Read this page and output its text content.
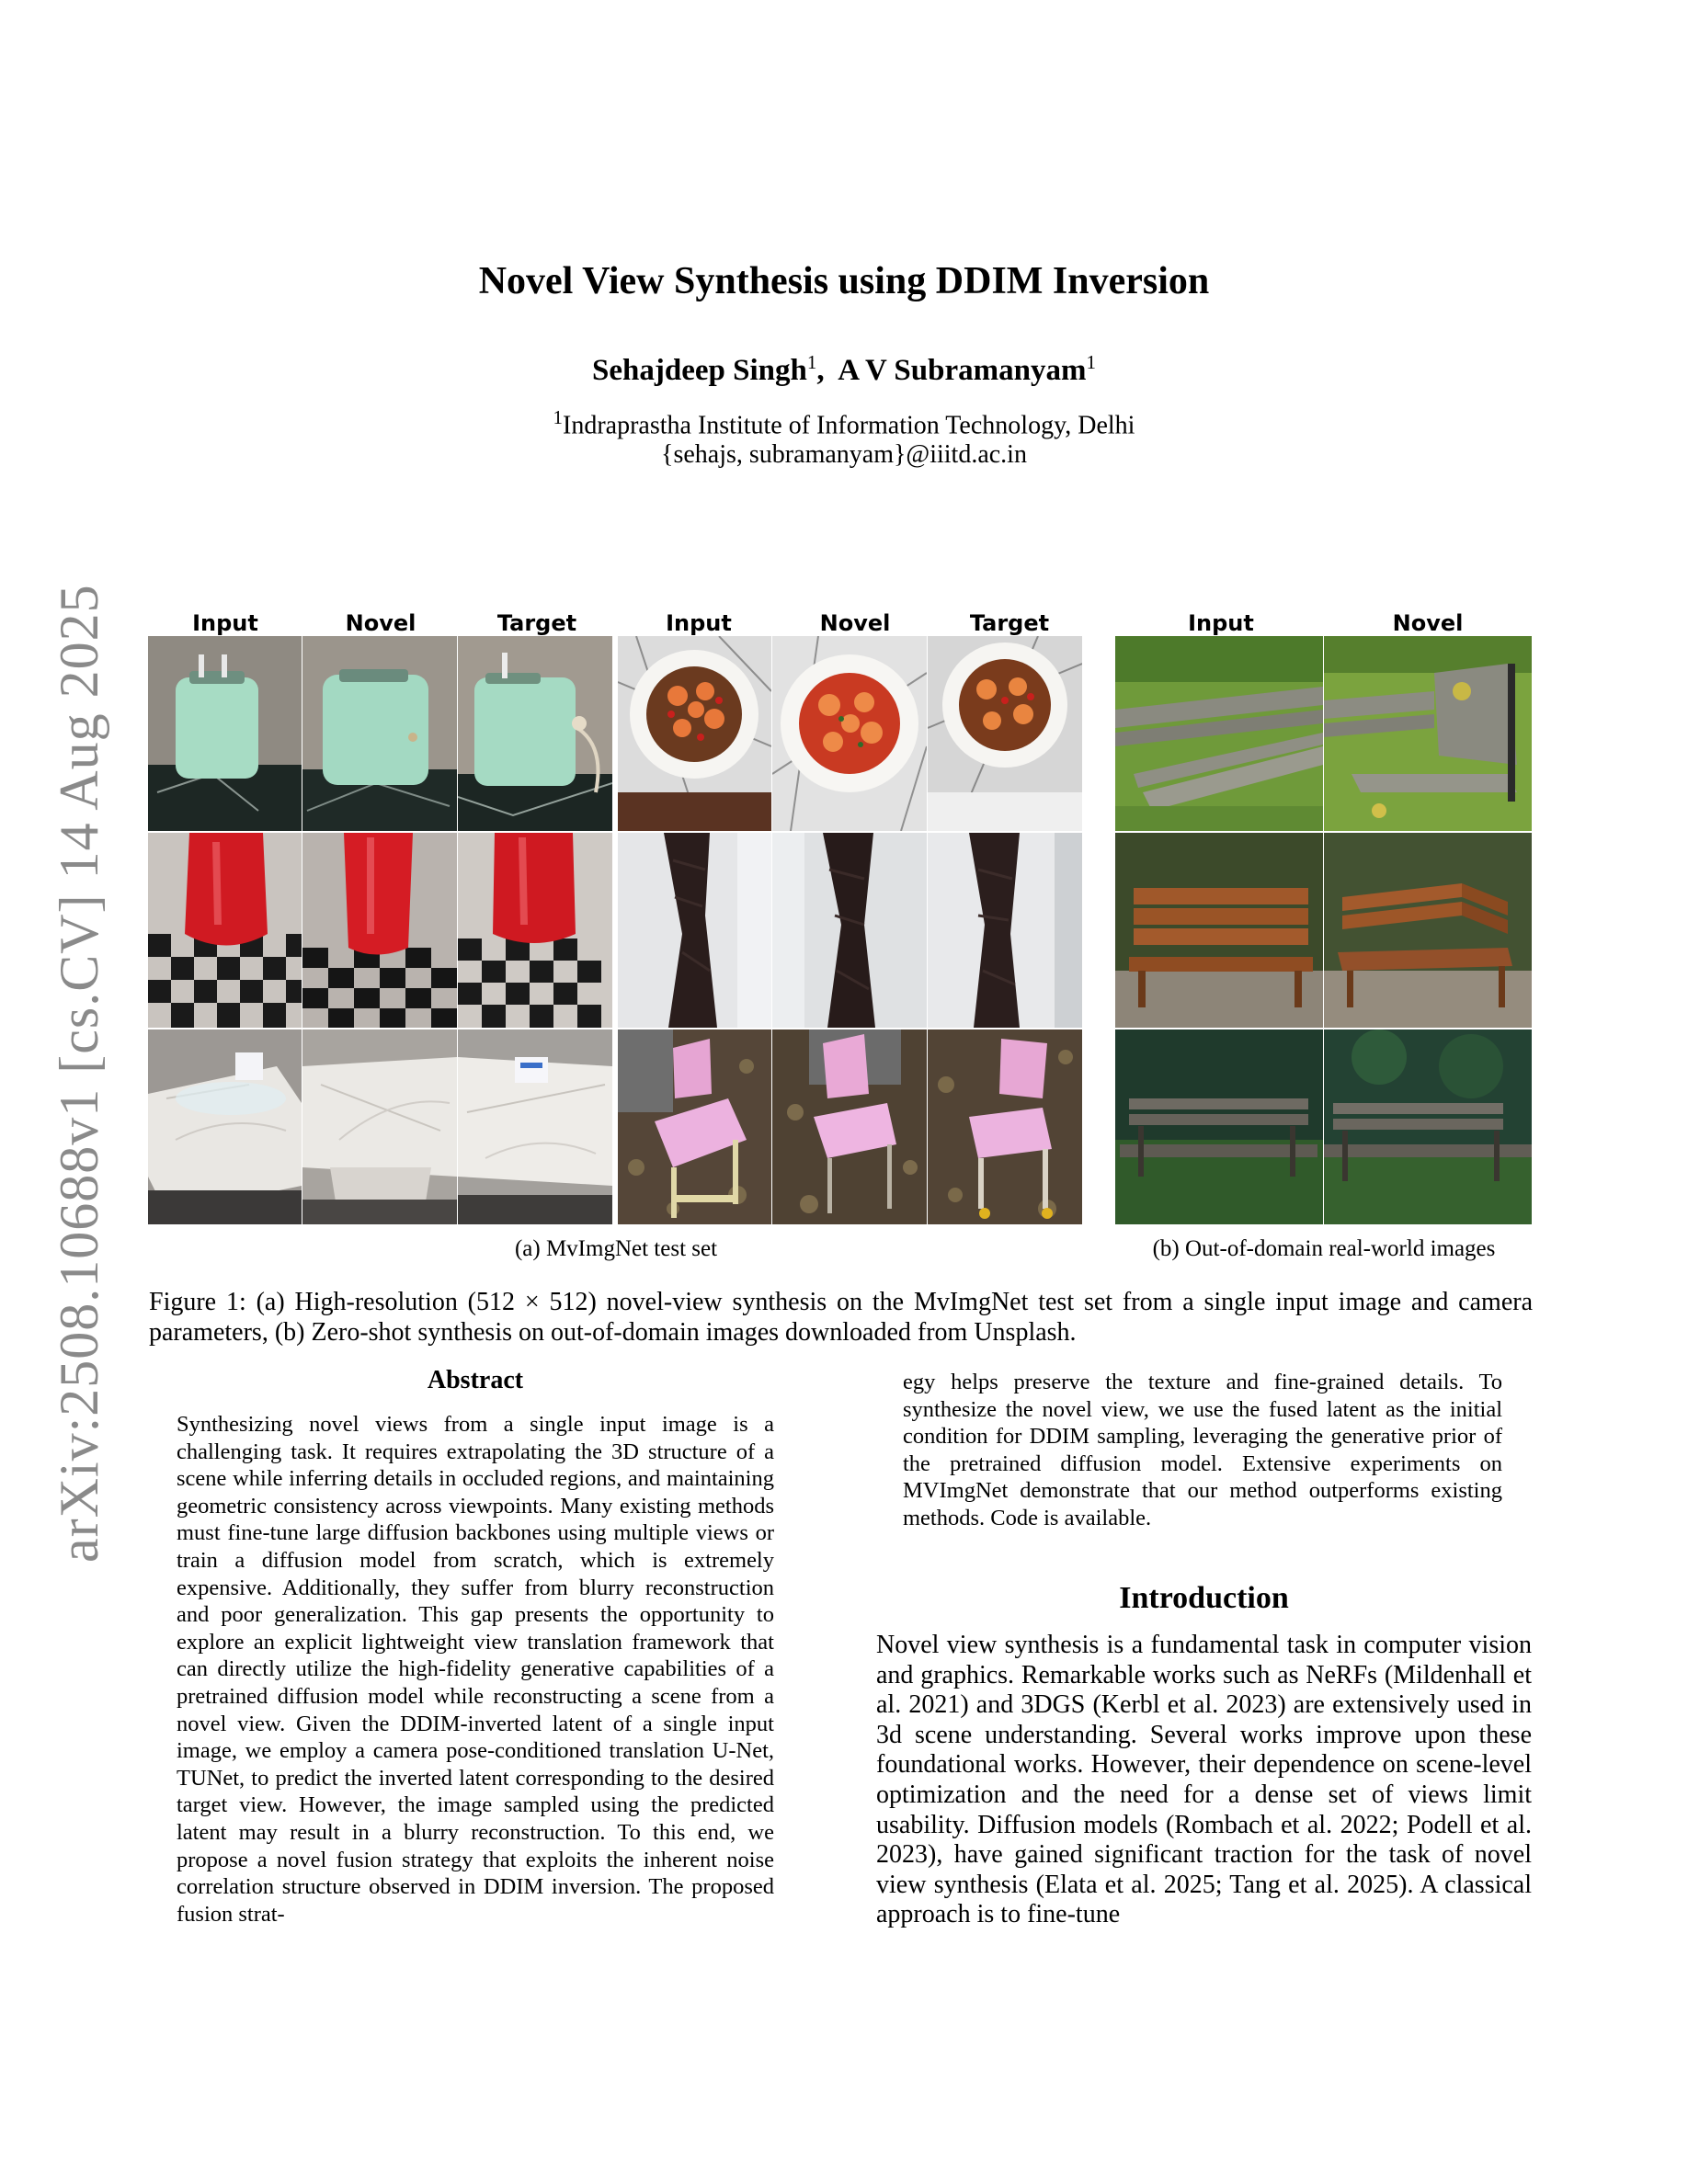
arXiv:2508.10688v1 [cs.CV] 14 Aug 2025
Novel View Synthesis using DDIM Inversion
Sehajdeep Singh$^1$,  A V Subramanyam$^1$
$^1$Indraprastha Institute of Information Technology, Delhi
{sehajs, subramanyam}@iiitd.ac.in
Input	Novel	Target	Input	Novel	Target	Input	Novel
(a) MvImgNet test set	(b) Out-of-domain real-world images
Figure 1: (a) High-resolution (512 × 512) novel-view synthesis on the MvImgNet test set from a single input image and camera parameters, (b) Zero-shot synthesis on out-of-domain images downloaded from Unsplash.
Abstract
Synthesizing novel views from a single input image is a challenging task. It requires extrapolating the 3D structure of a scene while inferring details in occluded regions, and maintaining geometric consistency across viewpoints. Many existing methods must fine-tune large diffusion backbones using multiple views or train a diffusion model from scratch, which is extremely expensive. Additionally, they suffer from blurry reconstruction and poor generalization. This gap presents the opportunity to explore an explicit lightweight view translation framework that can directly utilize the high-fidelity generative capabilities of a pretrained diffusion model while reconstructing a scene from a novel view. Given the DDIM-inverted latent of a single input image, we employ a camera pose-conditioned translation U-Net, TUNet, to predict the inverted latent corresponding to the desired target view. However, the image sampled using the predicted latent may result in a blurry reconstruction. To this end, we propose a novel fusion strategy that exploits the inherent noise correlation structure observed in DDIM inversion. The proposed fusion strat-
egy helps preserve the texture and fine-grained details. To synthesize the novel view, we use the fused latent as the initial condition for DDIM sampling, leveraging the generative prior of the pretrained diffusion model. Extensive experiments on MVImgNet demonstrate that our method outperforms existing methods. Code is available.
Introduction
Novel view synthesis is a fundamental task in computer vision and graphics. Remarkable works such as NeRFs (Mildenhall et al. 2021) and 3DGS (Kerbl et al. 2023) are extensively used in 3d scene understanding. Several works improve upon these foundational works. However, their dependence on scene-level optimization and the need for a dense set of views limit usability. Diffusion models (Rombach et al. 2022; Podell et al. 2023), have gained significant traction for the task of novel view synthesis (Elata et al. 2025; Tang et al. 2025). A classical approach is to fine-tune
